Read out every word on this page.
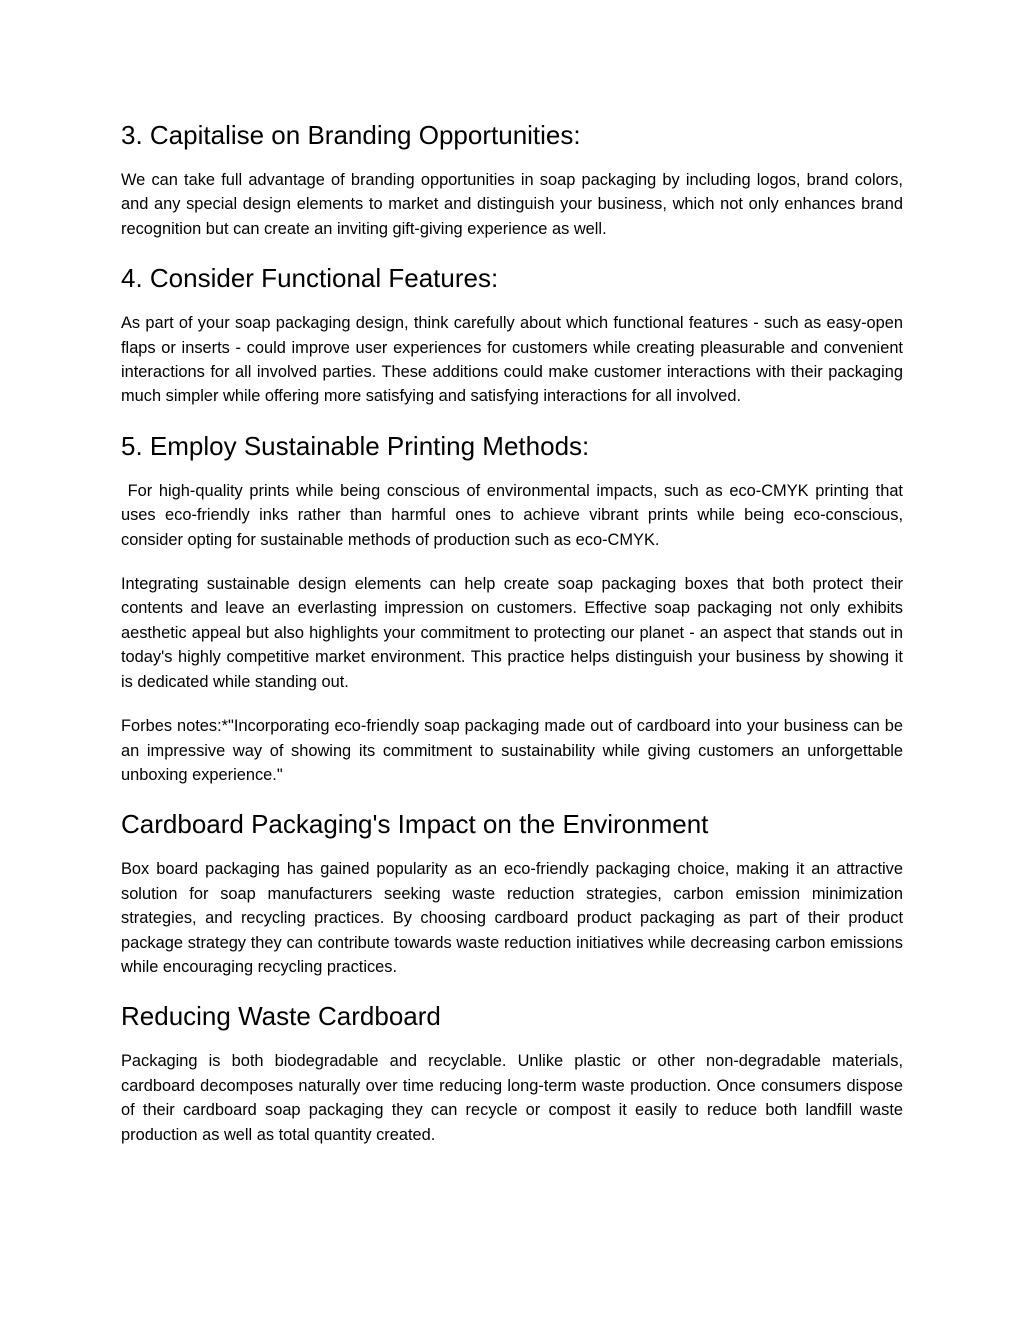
3. Capitalise on Branding Opportunities:

We can take full advantage of branding opportunities in soap packaging by including logos, brand colors, and any special design elements to market and distinguish your business, which not only enhances brand recognition but can create an inviting gift-giving experience as well.

4. Consider Functional Features:

As part of your soap packaging design, think carefully about which functional features - such as easy-open flaps or inserts - could improve user experiences for customers while creating pleasurable and convenient interactions for all involved parties. These additions could make customer interactions with their packaging much simpler while offering more satisfying and satisfying interactions for all involved.

5. Employ Sustainable Printing Methods:

For high-quality prints while being conscious of environmental impacts, such as eco-CMYK printing that uses eco-friendly inks rather than harmful ones to achieve vibrant prints while being eco-conscious, consider opting for sustainable methods of production such as eco-CMYK.

Integrating sustainable design elements can help create soap packaging boxes that both protect their contents and leave an everlasting impression on customers. Effective soap packaging not only exhibits aesthetic appeal but also highlights your commitment to protecting our planet - an aspect that stands out in today's highly competitive market environment. This practice helps distinguish your business by showing it is dedicated while standing out.

Forbes notes:*"Incorporating eco-friendly soap packaging made out of cardboard into your business can be an impressive way of showing its commitment to sustainability while giving customers an unforgettable unboxing experience."

Cardboard Packaging's Impact on the Environment

Box board packaging has gained popularity as an eco-friendly packaging choice, making it an attractive solution for soap manufacturers seeking waste reduction strategies, carbon emission minimization strategies, and recycling practices. By choosing cardboard product packaging as part of their product package strategy they can contribute towards waste reduction initiatives while decreasing carbon emissions while encouraging recycling practices.

Reducing Waste Cardboard

Packaging is both biodegradable and recyclable. Unlike plastic or other non-degradable materials, cardboard decomposes naturally over time reducing long-term waste production. Once consumers dispose of their cardboard soap packaging they can recycle or compost it easily to reduce both landfill waste production as well as total quantity created.
